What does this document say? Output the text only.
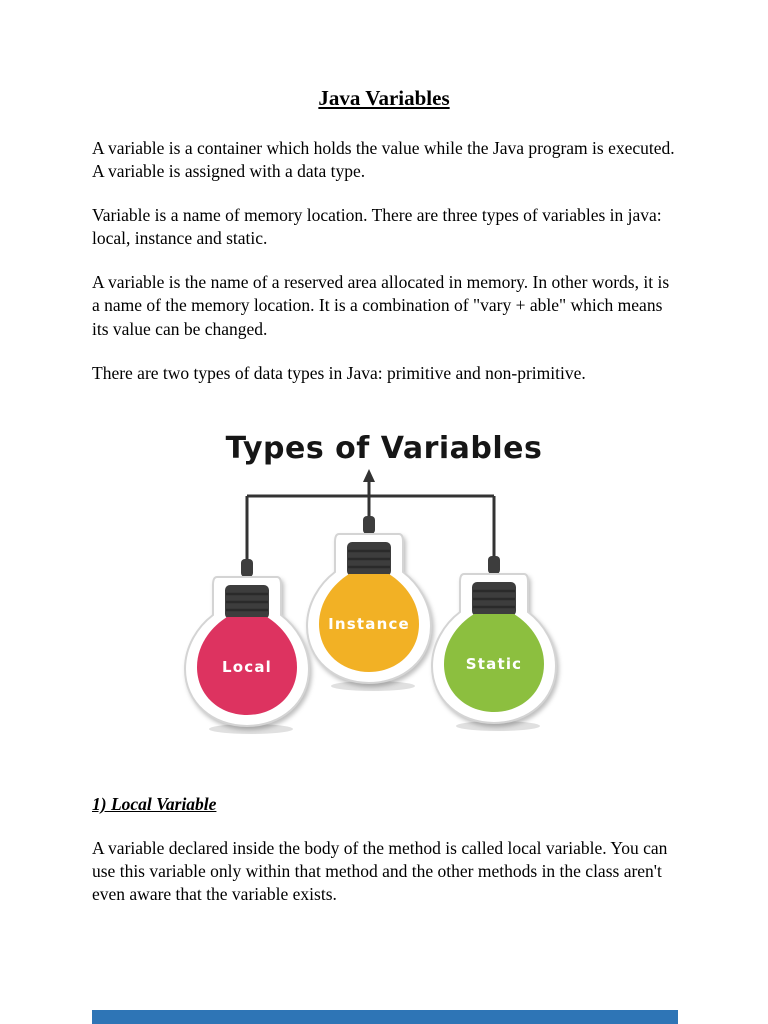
Java Variables

A variable is a container which holds the value while the Java program is executed. A variable is assigned with a data type.

Variable is a name of memory location. There are three types of variables in java: local, instance and static.

A variable is the name of a reserved area allocated in memory. In other words, it is a name of the memory location. It is a combination of "vary + able" which means its value can be changed.

There are two types of data types in Java: primitive and non-primitive.

Types of Variables
Local
Instance
Static
1) Local Variable

A variable declared inside the body of the method is called local variable. You can use this variable only within that method and the other methods in the class aren't even aware that the variable exists.
